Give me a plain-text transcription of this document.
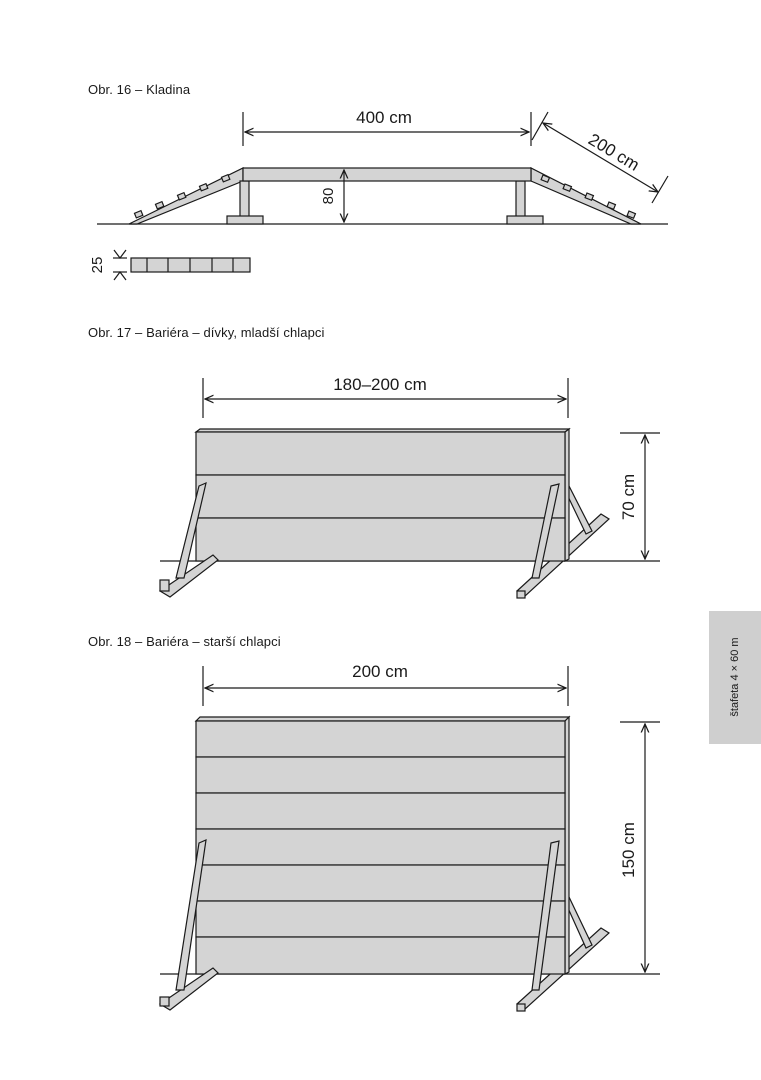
Obr. 16 – Kladina
Obr. 17 – Bariéra – dívky, mladší chlapci
Obr. 18 – Bariéra – starší chlapci
400 cm
200 cm
80
25
180–200 cm
70 cm
200 cm
150 cm
štafeta 4 × 60 m
